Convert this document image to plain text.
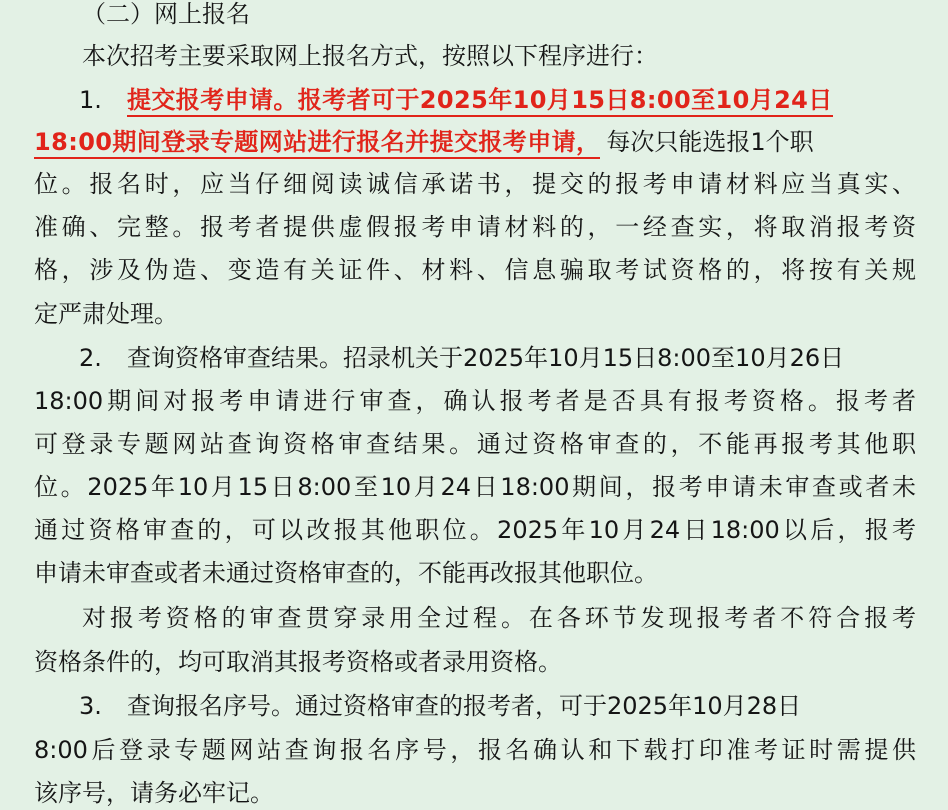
（二）网上报名
本次招考主要采取网上报名方式，按照以下程序进行：
1. 提交报考申请。报考者可于2025年10月15日8:00至10月24日
18:00期间登录专题网站进行报名并提交报考申请， 每次只能选报1个职
位。报名时，应当仔细阅读诚信承诺书，提交的报考申请材料应当真实、
准确、完整。报考者提供虚假报考申请材料的，一经查实，将取消报考资
格，涉及伪造、变造有关证件、材料、信息骗取考试资格的，将按有关规
定严肃处理。
2. 查询资格审查结果。招录机关于2025年10月15日8:00至10月26日
18:00期间对报考申请进行审查，确认报考者是否具有报考资格。报考者
可登录专题网站查询资格审查结果。通过资格审查的，不能再报考其他职
位。2025年10月15日8:00至10月24日18:00期间，报考申请未审查或者未
通过资格审查的，可以改报其他职位。2025年10月24日18:00以后，报考
申请未审查或者未通过资格审查的，不能再改报其他职位。
对报考资格的审查贯穿录用全过程。在各环节发现报考者不符合报考
资格条件的，均可取消其报考资格或者录用资格。
3. 查询报名序号。通过资格审查的报考者，可于2025年10月28日
8:00后登录专题网站查询报名序号，报名确认和下载打印准考证时需提供
该序号，请务必牢记。
